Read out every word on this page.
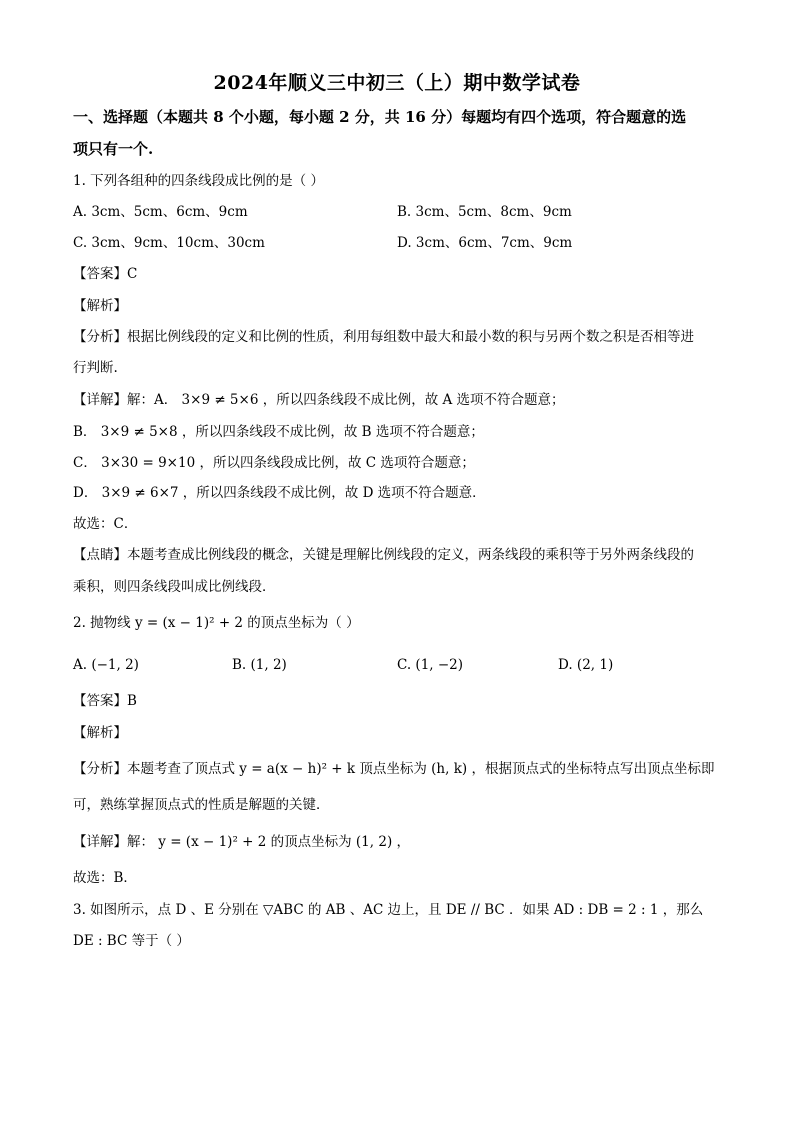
2024年顺义三中初三（上）期中数学试卷
一、选择题（本题共 8 个小题，每小题 2 分，共 16 分）每题均有四个选项，符合题意的选
项只有一个.
1. 下列各组种的四条线段成比例的是（ ）
A. 3cm、5cm、6cm、9cm	B. 3cm、5cm、8cm、9cm
C. 3cm、9cm、10cm、30cm	D. 3cm、6cm、7cm、9cm
【答案】C
【解析】
【分析】根据比例线段的定义和比例的性质，利用每组数中最大和最小数的积与另两个数之积是否相等进
行判断.
【详解】解：A． 3×9 ≠ 5×6 ，所以四条线段不成比例，故 A 选项不符合题意；
B． 3×9 ≠ 5×8 ，所以四条线段不成比例，故 B 选项不符合题意；
C． 3×30 = 9×10 ，所以四条线段成比例，故 C 选项符合题意；
D． 3×9 ≠ 6×7 ，所以四条线段不成比例，故 D 选项不符合题意．
故选：C．
【点睛】本题考查成比例线段的概念，关键是理解比例线段的定义，两条线段的乘积等于另外两条线段的
乘积，则四条线段叫成比例线段．
2. 抛物线 y = (x − 1)² + 2 的顶点坐标为（ ）
A. (−1, 2)	B. (1, 2)	C. (1, −2)	D. (2, 1)
【答案】B
【解析】
【分析】本题考查了顶点式 y = a(x − h)² + k 顶点坐标为 (h, k) ，根据顶点式的坐标特点写出顶点坐标即
可，熟练掌握顶点式的性质是解题的关键．
【详解】解： y = (x − 1)² + 2 的顶点坐标为 (1, 2) ，
故选：B．
3. 如图所示，点 D 、E 分别在 ▽ABC 的 AB 、AC 边上，且 DE // BC ．如果 AD : DB = 2 : 1 ，那么
DE : BC 等于（ ）
